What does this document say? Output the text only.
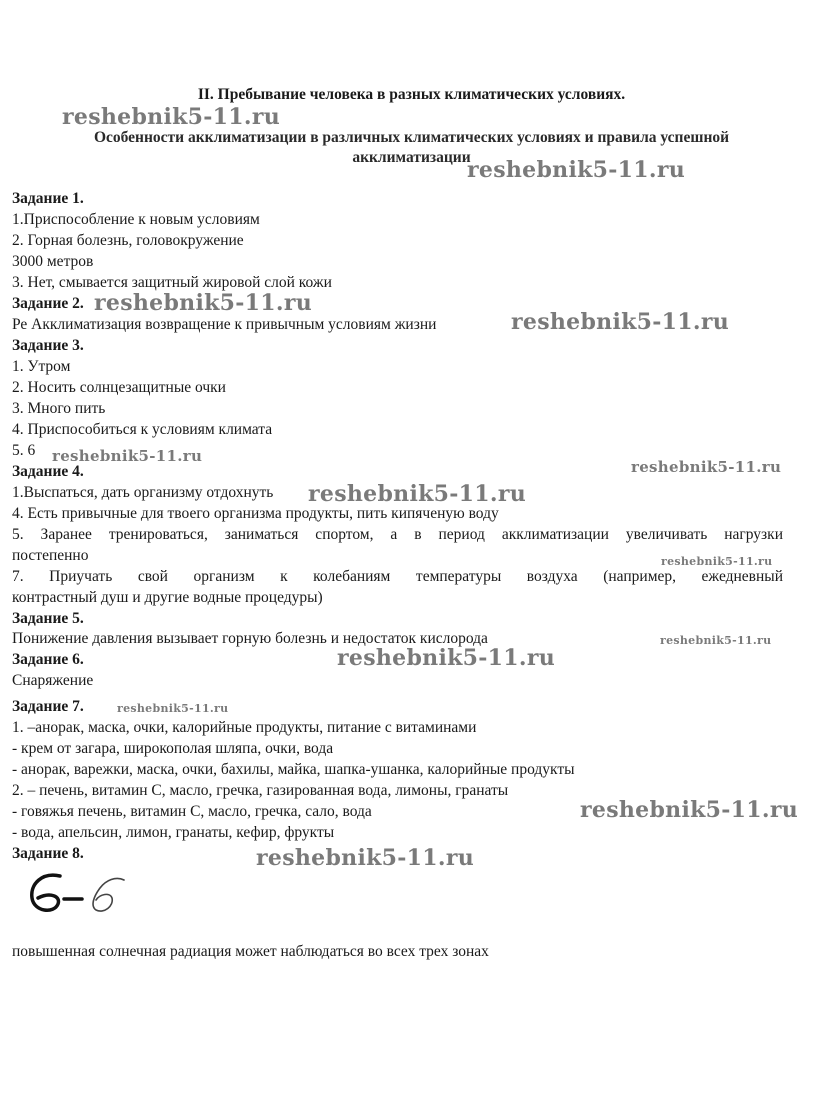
II. Пребывание человека в разных климатических условиях.
Особенности акклиматизации в различных климатических условиях и правила успешной
акклиматизации
Задание 1.
1.Приспособление к новым условиям
2. Горная болезнь, головокружение
3000 метров
3. Нет, смывается защитный жировой слой кожи
Задание 2.
Ре Акклиматизация возвращение к привычным условиям жизни
Задание 3.
1. Утром
2. Носить солнцезащитные очки
3. Много пить
4. Приспособиться к условиям климата
5. 6
Задание 4.
1.Выспаться, дать организму отдохнуть
4. Есть привычные для твоего организма продукты, пить кипяченую воду
5. Заранее тренироваться, заниматься спортом, а в период акклиматизации увеличивать нагрузки
постепенно
7. Приучать свой организм к колебаниям температуры воздуха (например, ежедневный
контрастный душ и другие водные процедуры)
Задание 5.
Понижение давления вызывает горную болезнь и недостаток кислорода
Задание 6.
Снаряжение
Задание 7.
1. –анорак, маска, очки, калорийные продукты, питание с витаминами
- крем от загара, широкополая шляпа, очки, вода
- анорак, варежки, маска, очки, бахилы, майка, шапка-ушанка, калорийные продукты
2. – печень, витамин С, масло, гречка, газированная вода, лимоны, гранаты
- говяжья печень, витамин С, масло, гречка, сало, вода
- вода, апельсин, лимон, гранаты, кефир, фрукты
Задание 8.
повышенная солнечная радиация может наблюдаться во всех трех зонах
reshebnik5-11.ru
reshebnik5-11.ru
reshebnik5-11.ru
reshebnik5-11.ru
reshebnik5-11.ru
reshebnik5-11.ru
reshebnik5-11.ru
reshebnik5-11.ru
reshebnik5-11.ru
reshebnik5-11.ru
reshebnik5-11.ru
reshebnik5-11.ru
reshebnik5-11.ru
